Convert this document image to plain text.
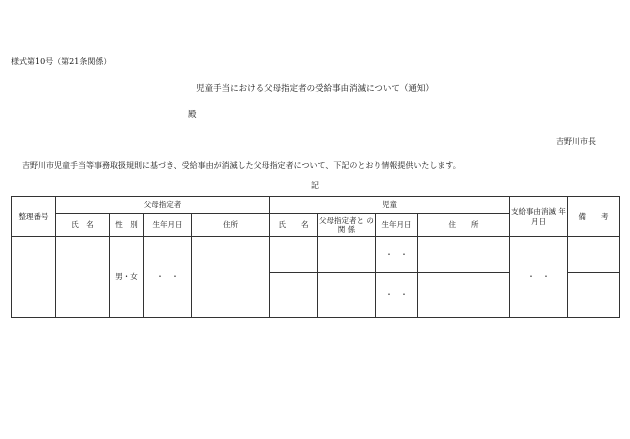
様式第10号（第21条関係）
児童手当における父母指定者の受給事由消滅について（通知）
殿
吉野川市長
吉野川市児童手当等事務取扱規則に基づき、受給事由が消滅した父母指定者について、下記のとおり情報提供いたします。
記
整理番号	父母指定者				児童				支給事由消滅 年月日	備　　考
	氏　名	性　別	生年月日	住所	氏　　名	父母指定者と の 関 係	生年月日	住　　所		
		男・女	・　・				・　・		・　・	
							・　・			
